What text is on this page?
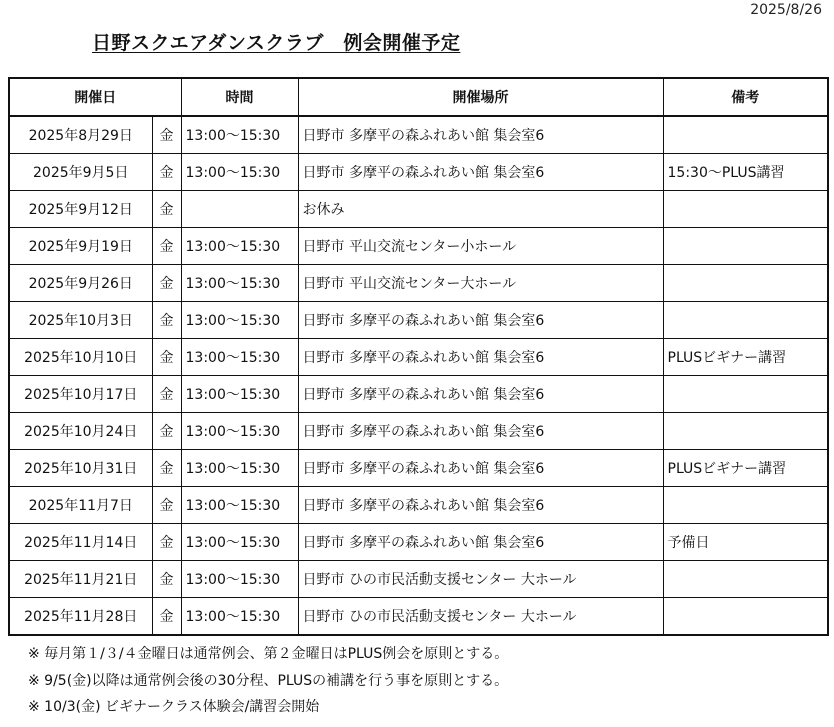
2025/8/26
日野スクエアダンスクラブ　例会開催予定
開催日		時間	開催場所	備考
2025年8月29日	金	13:00～15:30	日野市 多摩平の森ふれあい館 集会室6	
2025年9月5日	金	13:00～15:30	日野市 多摩平の森ふれあい館 集会室6	15:30～PLUS講習
2025年9月12日	金		お休み	
2025年9月19日	金	13:00～15:30	日野市 平山交流センター小ホール	
2025年9月26日	金	13:00～15:30	日野市 平山交流センター大ホール	
2025年10月3日	金	13:00～15:30	日野市 多摩平の森ふれあい館 集会室6	
2025年10月10日	金	13:00～15:30	日野市 多摩平の森ふれあい館 集会室6	PLUSビギナー講習
2025年10月17日	金	13:00～15:30	日野市 多摩平の森ふれあい館 集会室6	
2025年10月24日	金	13:00～15:30	日野市 多摩平の森ふれあい館 集会室6	
2025年10月31日	金	13:00～15:30	日野市 多摩平の森ふれあい館 集会室6	PLUSビギナー講習
2025年11月7日	金	13:00～15:30	日野市 多摩平の森ふれあい館 集会室6	
2025年11月14日	金	13:00～15:30	日野市 多摩平の森ふれあい館 集会室6	予備日
2025年11月21日	金	13:00～15:30	日野市 ひの市民活動支援センター 大ホール	
2025年11月28日	金	13:00～15:30	日野市 ひの市民活動支援センター 大ホール	
※ 毎月第１/３/４金曜日は通常例会、第２金曜日はPLUS例会を原則とする。
※ 9/5(金)以降は通常例会後の30分程、PLUSの補講を行う事を原則とする。
※ 10/3(金) ビギナークラス体験会/講習会開始
